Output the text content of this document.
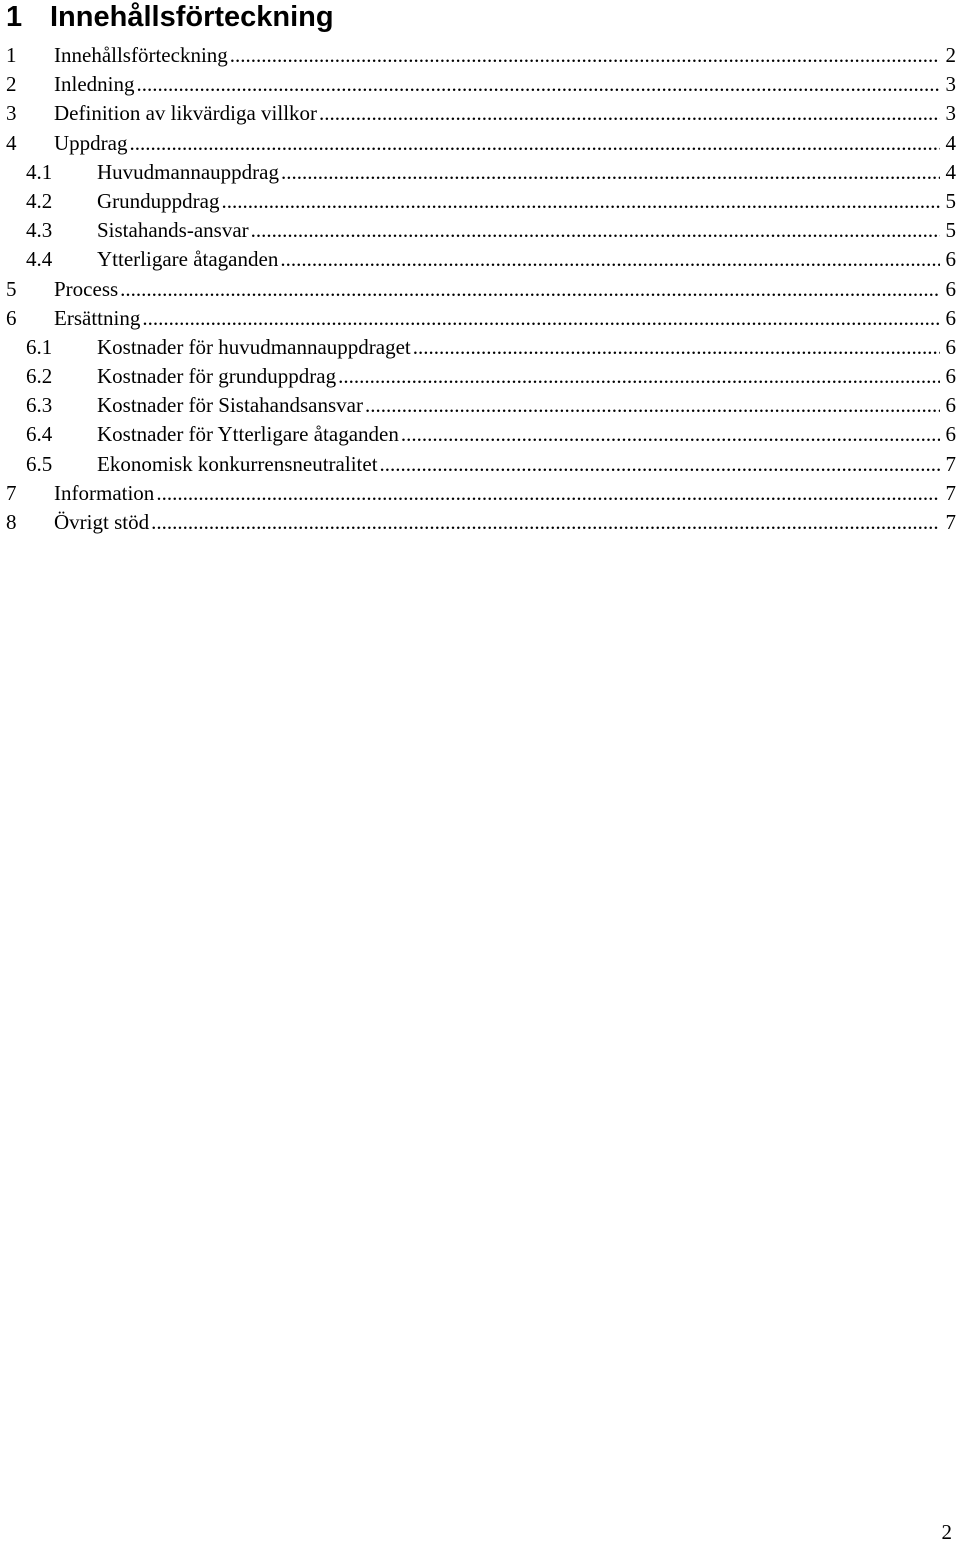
1 Innehållsförteckning
1	Innehållsförteckning .....	2
2	Inledning .....	3
3	Definition av likvärdiga villkor .....	3
4	Uppdrag .....	4
4.1	Huvudmannauppdrag .....	4
4.2	Grunduppdrag .....	5
4.3	Sistahands-ansvar .....	5
4.4	Ytterligare åtaganden .....	6
5	Process .....	6
6	Ersättning .....	6
6.1	Kostnader för huvudmannauppdraget .....	6
6.2	Kostnader för grunduppdrag .....	6
6.3	Kostnader för Sistahandsansvar .....	6
6.4	Kostnader för Ytterligare åtaganden .....	6
6.5	Ekonomisk konkurrensneutralitet .....	7
7	Information .....	7
8	Övrigt stöd .....	7
2
